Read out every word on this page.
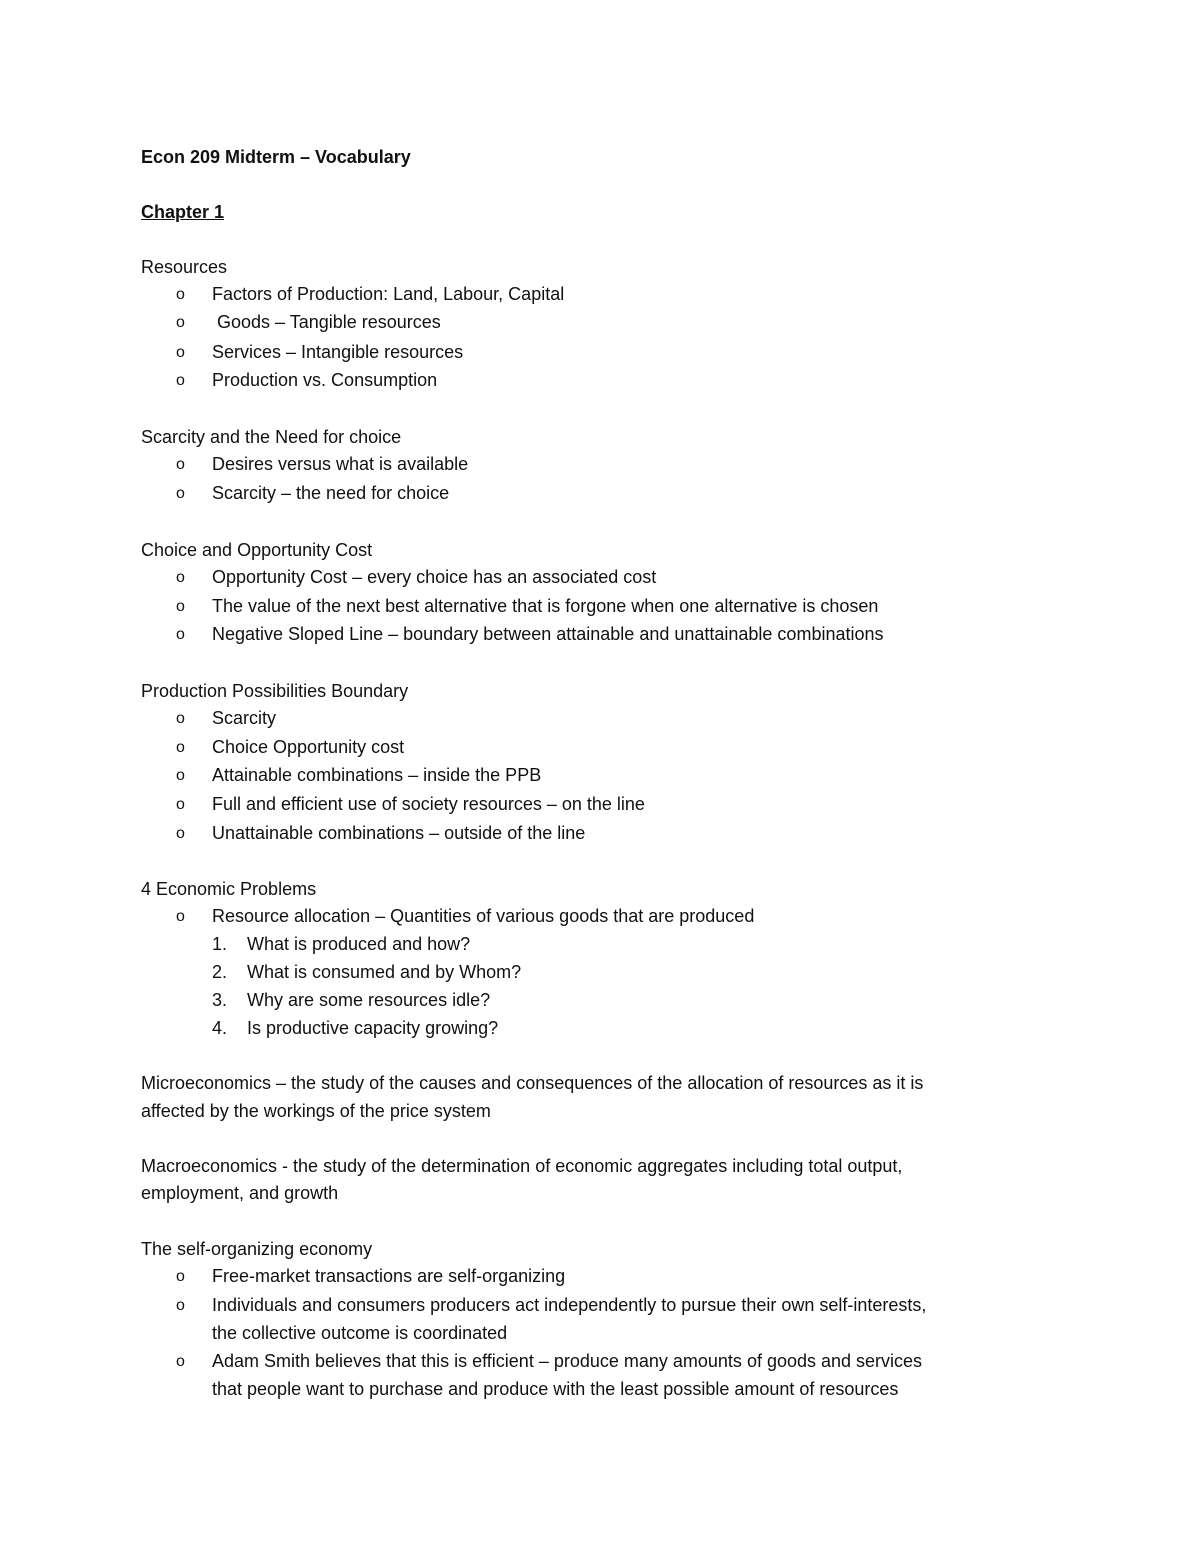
Econ 209 Midterm – Vocabulary
Chapter 1
Resources
o Factors of Production: Land, Labour, Capital
o Goods – Tangible resources
o Services – Intangible resources
o Production vs. Consumption
Scarcity and the Need for choice
o Desires versus what is available
o Scarcity – the need for choice
Choice and Opportunity Cost
o Opportunity Cost – every choice has an associated cost
o The value of the next best alternative that is forgone when one alternative is chosen
o Negative Sloped Line – boundary between attainable and unattainable combinations
Production Possibilities Boundary
o Scarcity
o Choice Opportunity cost
o Attainable combinations – inside the PPB
o Full and efficient use of society resources – on the line
o Unattainable combinations – outside of the line
4 Economic Problems
o Resource allocation – Quantities of various goods that are produced
1. What is produced and how?
2. What is consumed and by Whom?
3. Why are some resources idle?
4. Is productive capacity growing?
Microeconomics – the study of the causes and consequences of the allocation of resources as it is
affected by the workings of the price system
Macroeconomics - the study of the determination of economic aggregates including total output,
employment, and growth
The self-organizing economy
o Free-market transactions are self-organizing
o Individuals and consumers producers act independently to pursue their own self-interests,
the collective outcome is coordinated
o Adam Smith believes that this is efficient – produce many amounts of goods and services
that people want to purchase and produce with the least possible amount of resources
